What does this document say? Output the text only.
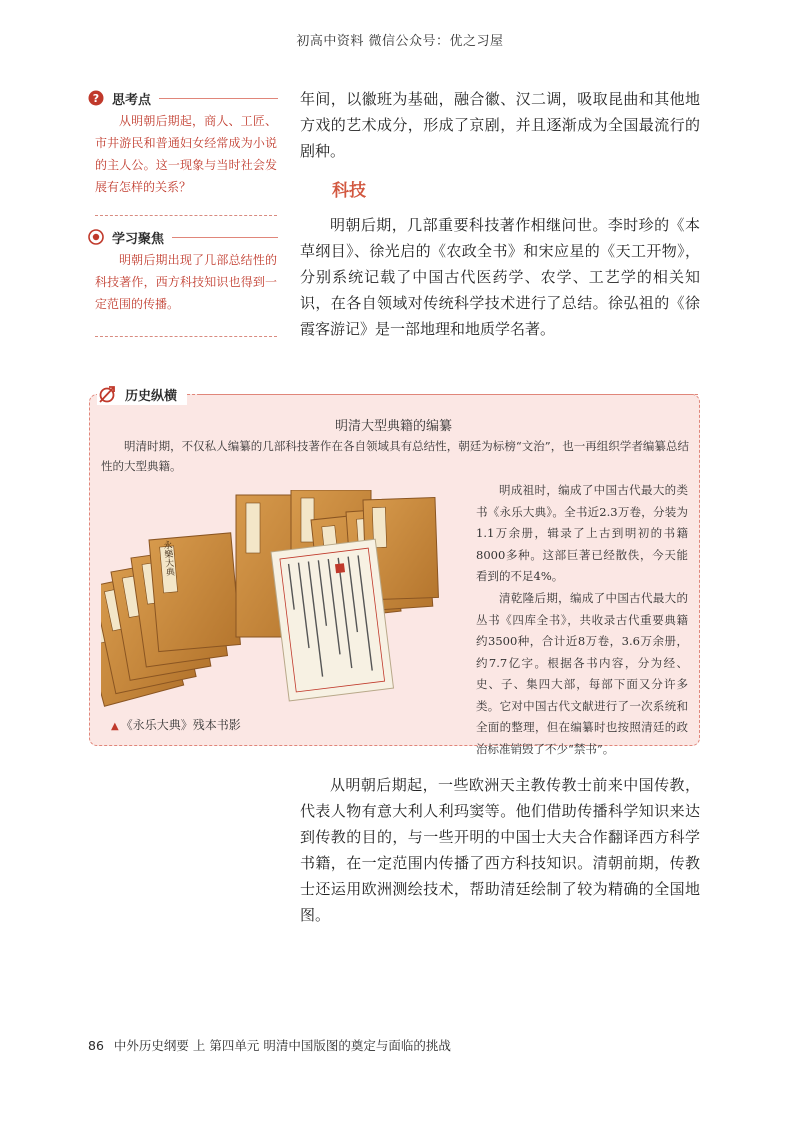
初高中资料 微信公众号：优之习屋
? 思考点
从明朝后期起，商人、工匠、市井游民和普通妇女经常成为小说的主人公。这一现象与当时社会发展有怎样的关系？
学习聚焦
明朝后期出现了几部总结性的科技著作，西方科技知识也得到一定范围的传播。

年间，以徽班为基础，融合徽、汉二调，吸取昆曲和其他地方戏的艺术成分，形成了京剧，并且逐渐成为全国最流行的剧种。

科技

明朝后期，几部重要科技著作相继问世。李时珍的《本草纲目》、徐光启的《农政全书》和宋应星的《天工开物》，分别系统记载了中国古代医药学、农学、工艺学的相关知识，在各自领域对传统科学技术进行了总结。徐弘祖的《徐霞客游记》是一部地理和地质学名著。

历史纵横
明清大型典籍的编纂
明清时期，不仅私人编纂的几部科技著作在各自领域具有总结性，朝廷为标榜“文治”，也一再组织学者编纂总结性的大型典籍。
永樂大典
▲ 《永乐大典》残本书影
明成祖时，编成了中国古代最大的类书《永乐大典》。全书近2.3万卷，分装为1.1万余册，辑录了上古到明初的书籍8000多种。这部巨著已经散佚，今天能看到的不足4%。
清乾隆后期，编成了中国古代最大的丛书《四库全书》，共收录古代重要典籍约3500种，合计近8万卷，3.6万余册，约7.7亿字。根据各书内容，分为经、史、子、集四大部，每部下面又分许多类。它对中国古代文献进行了一次系统和全面的整理，但在编纂时也按照清廷的政治标准销毁了不少“禁书”。

从明朝后期起，一些欧洲天主教传教士前来中国传教，代表人物有意大利人利玛窦等。他们借助传播科学知识来达到传教的目的，与一些开明的中国士大夫合作翻译西方科学书籍，在一定范围内传播了西方科技知识。清朝前期，传教士还运用欧洲测绘技术，帮助清廷绘制了较为精确的全国地图。

86 中外历史纲要 上 第四单元 明清中国版图的奠定与面临的挑战
